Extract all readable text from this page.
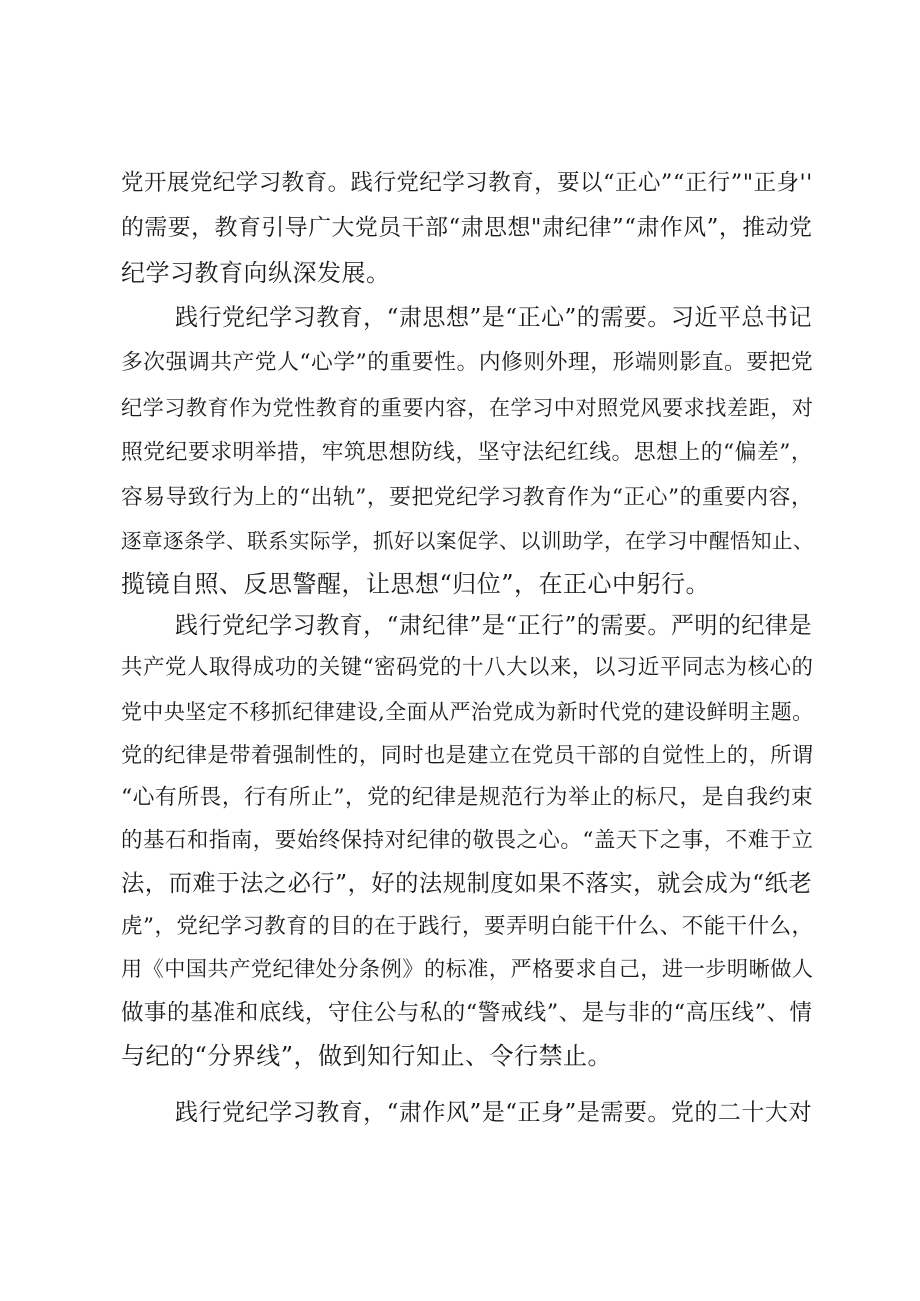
党开展党纪学习教育。践行党纪学习教育，要以“正心”“正行”"正身''
的需要，教育引导广大党员干部“肃思想"肃纪律”“肃作风”，推动党
纪学习教育向纵深发展。
践行党纪学习教育，“肃思想”是“正心”的需要。习近平总书记
多次强调共产党人“心学”的重要性。内修则外理，形端则影直。要把党
纪学习教育作为党性教育的重要内容，在学习中对照党风要求找差距，对
照党纪要求明举措，牢筑思想防线，坚守法纪红线。思想上的“偏差”，
容易导致行为上的“出轨”，要把党纪学习教育作为“正心”的重要内容，
逐章逐条学、联系实际学，抓好以案促学、以训助学，在学习中醒悟知止、
揽镜自照、反思警醒，让思想“归位”，在正心中躬行。
践行党纪学习教育，“肃纪律”是“正行”的需要。严明的纪律是
共产党人取得成功的关键“密码党的十八大以来，以习近平同志为核心的
党中央坚定不移抓纪律建设,全面从严治党成为新时代党的建设鲜明主题。
党的纪律是带着强制性的，同时也是建立在党员干部的自觉性上的，所谓
“心有所畏，行有所止”，党的纪律是规范行为举止的标尺，是自我约束
的基石和指南，要始终保持对纪律的敬畏之心。“盖天下之事，不难于立
法，而难于法之必行”，好的法规制度如果不落实，就会成为“纸老
虎”，党纪学习教育的目的在于践行，要弄明白能干什么、不能干什么，
用《中国共产党纪律处分条例》的标准，严格要求自己，进一步明晰做人
做事的基准和底线，守住公与私的“警戒线”、是与非的“高压线”、情
与纪的“分界线”，做到知行知止、令行禁止。
践行党纪学习教育，“肃作风”是“正身”是需要。党的二十大对
